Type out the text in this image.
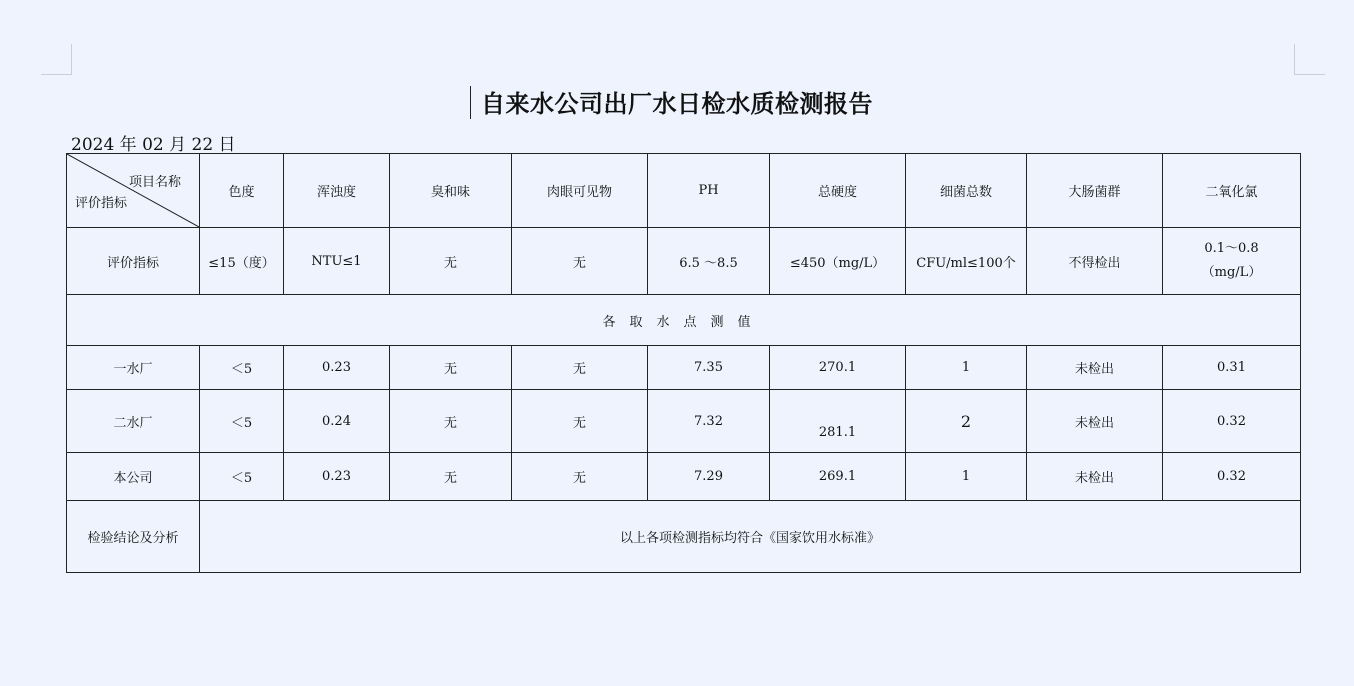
自来水公司出厂水日检水质检测报告
2024 年 02 月 22 日
项目名称
评价指标	色度	浑浊度	臭和味	肉眼可见物	PH	总硬度	细菌总数	大肠菌群	二氧化氯
评价指标	≤15（度）	NTU≤1	无	无	6.5 ～8.5	≤450（mg/L）	CFU/ml≤100个	不得检出	0.1～0.8
（mg/L）
各取水点测值									
一水厂	＜5	0.23	无	无	7.35	270.1	1	未检出	0.31
二水厂	＜5	0.24	无	无	7.32	281.1	2	未检出	0.32
本公司	＜5	0.23	无	无	7.29	269.1	1	未检出	0.32
检验结论及分析	以上各项检测指标均符合《国家饮用水标准》								
